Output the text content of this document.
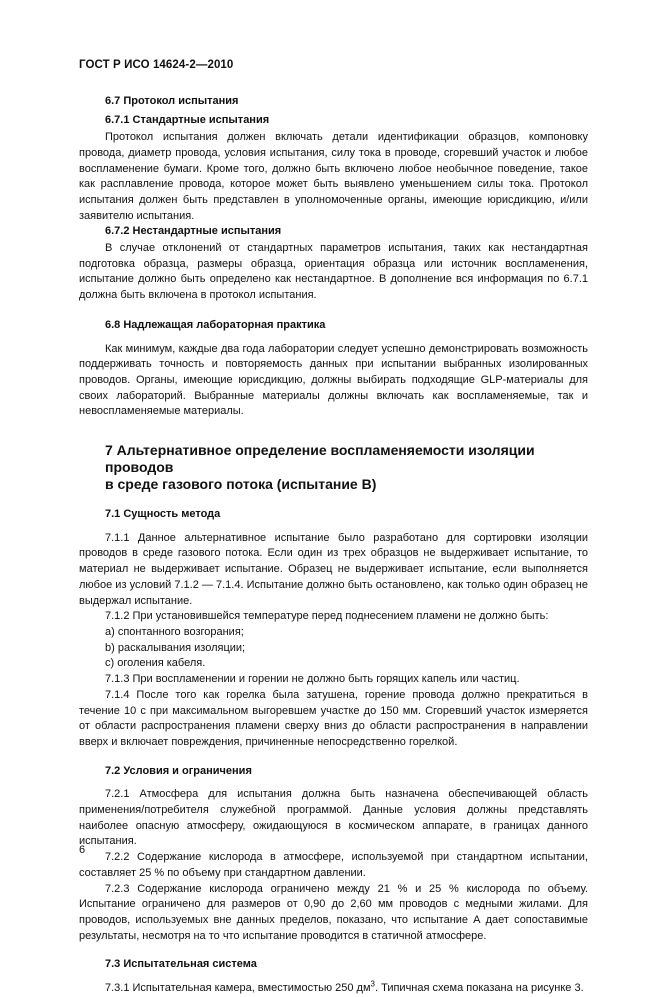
ГОСТ Р ИСО 14624-2—2010
6.7 Протокол испытания
6.7.1 Стандартные испытания

Протокол испытания должен включать детали идентификации образцов, компоновку провода, диаметр провода, условия испытания, силу тока в проводе, сгоревший участок и любое воспламенение бумаги. Кроме того, должно быть включено любое необычное поведение, такое как расплавление провода, которое может быть выявлено уменьшением силы тока. Протокол испытания должен быть представлен в уполномоченные органы, имеющие юрисдикцию, и/или заявителю испытания.

6.7.2 Нестандартные испытания

В случае отклонений от стандартных параметров испытания, таких как нестандартная подготовка образца, размеры образца, ориентация образца или источник воспламенения, испытание должно быть определено как нестандартное. В дополнение вся информация по 6.7.1 должна быть включена в протокол испытания.

6.8 Надлежащая лабораторная практика

Как минимум, каждые два года лаборатории следует успешно демонстрировать возможность поддерживать точность и повторяемость данных при испытании выбранных изолированных проводов. Органы, имеющие юрисдикцию, должны выбирать подходящие GLP-материалы для своих лабораторий. Выбранные материалы должны включать как воспламеняемые, так и невоспламеняемые материалы.

7 Альтернативное определение воспламеняемости изоляции проводов
в среде газового потока (испытание В)
7.1 Сущность метода

7.1.1 Данное альтернативное испытание было разработано для сортировки изоляции проводов в среде газового потока. Если один из трех образцов не выдерживает испытание, то материал не выдерживает испытание. Образец не выдерживает испытание, если выполняется любое из условий 7.1.2 — 7.1.4. Испытание должно быть остановлено, как только один образец не выдержал испытание.

7.1.2 При установившейся температуре перед поднесением пламени не должно быть:

a) спонтанного возгорания;

b) раскалывания изоляции;

c) оголения кабеля.

7.1.3 При воспламенении и горении не должно быть горящих капель или частиц.

7.1.4 После того как горелка была затушена, горение провода должно прекратиться в течение 10 с при максимальном выгоревшем участке до 150 мм. Сгоревший участок измеряется от области распространения пламени сверху вниз до области распространения в направлении вверх и включает повреждения, причиненные непосредственно горелкой.

7.2 Условия и ограничения

7.2.1 Атмосфера для испытания должна быть назначена обеспечивающей область применения/потребителя служебной программой. Данные условия должны представлять наиболее опасную атмосферу, ожидающуюся в космическом аппарате, в границах данного испытания.

7.2.2 Содержание кислорода в атмосфере, используемой при стандартном испытании, составляет 25 % по объему при стандартном давлении.

7.2.3 Содержание кислорода ограничено между 21 % и 25 % кислорода по объему. Испытание ограничено для размеров от 0,90 до 2,60 мм проводов с медными жилами. Для проводов, используемых вне данных пределов, показано, что испытание А дает сопоставимые результаты, несмотря на то что испытание проводится в статичной атмосфере.

7.3 Испытательная система

7.3.1 Испытательная камера, вместимостью 250 $дм^3$. Типичная схема показана на рисунке 3.

6
